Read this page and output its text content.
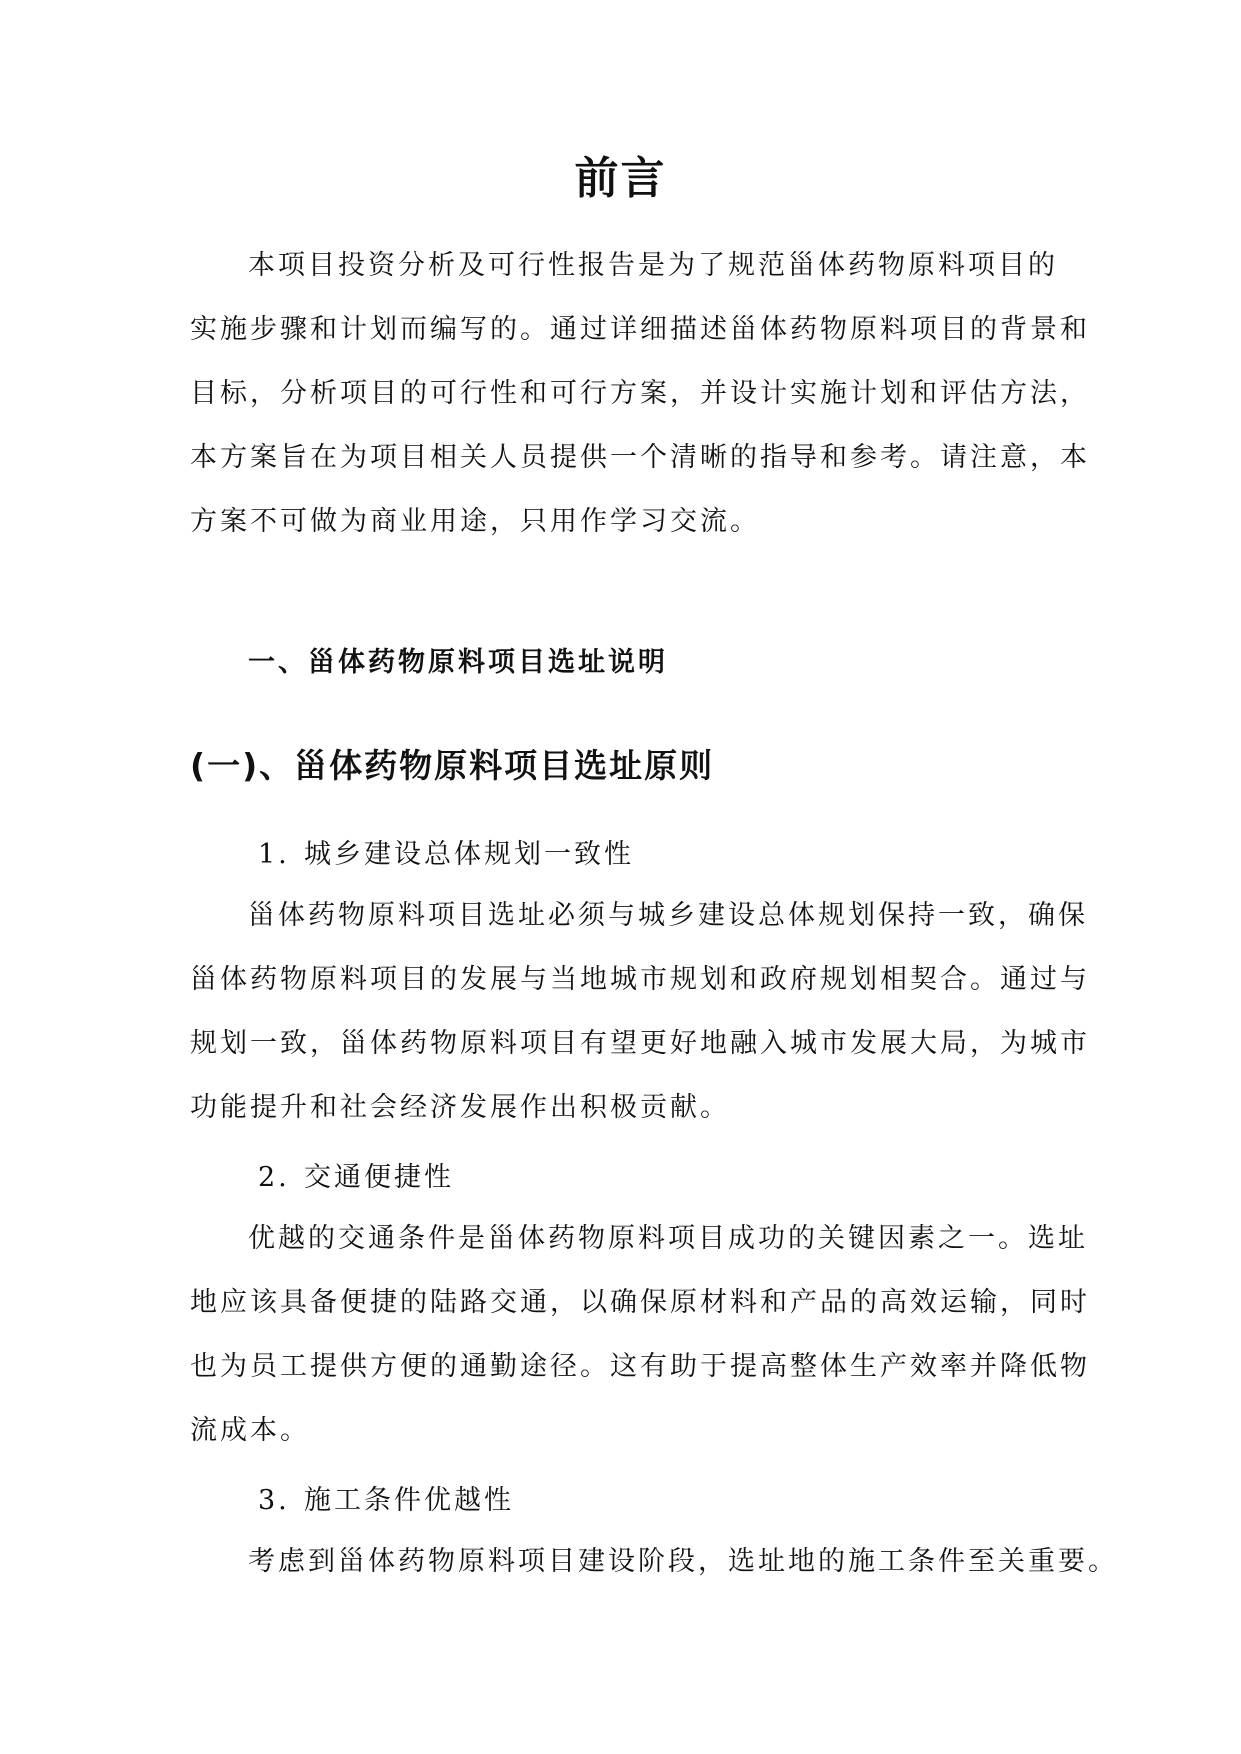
前言
本项目投资分析及可行性报告是为了规范甾体药物原料项目的
实施步骤和计划而编写的。通过详细描述甾体药物原料项目的背景和
目标，分析项目的可行性和可行方案，并设计实施计划和评估方法，
本方案旨在为项目相关人员提供一个清晰的指导和参考。请注意，本
方案不可做为商业用途，只用作学习交流。
一、甾体药物原料项目选址说明
(一)、甾体药物原料项目选址原则
1. 城乡建设总体规划一致性
甾体药物原料项目选址必须与城乡建设总体规划保持一致，确保
甾体药物原料项目的发展与当地城市规划和政府规划相契合。通过与
规划一致，甾体药物原料项目有望更好地融入城市发展大局，为城市
功能提升和社会经济发展作出积极贡献。
2. 交通便捷性
优越的交通条件是甾体药物原料项目成功的关键因素之一。选址
地应该具备便捷的陆路交通，以确保原材料和产品的高效运输，同时
也为员工提供方便的通勤途径。这有助于提高整体生产效率并降低物
流成本。
3. 施工条件优越性
考虑到甾体药物原料项目建设阶段，选址地的施工条件至关重要。
